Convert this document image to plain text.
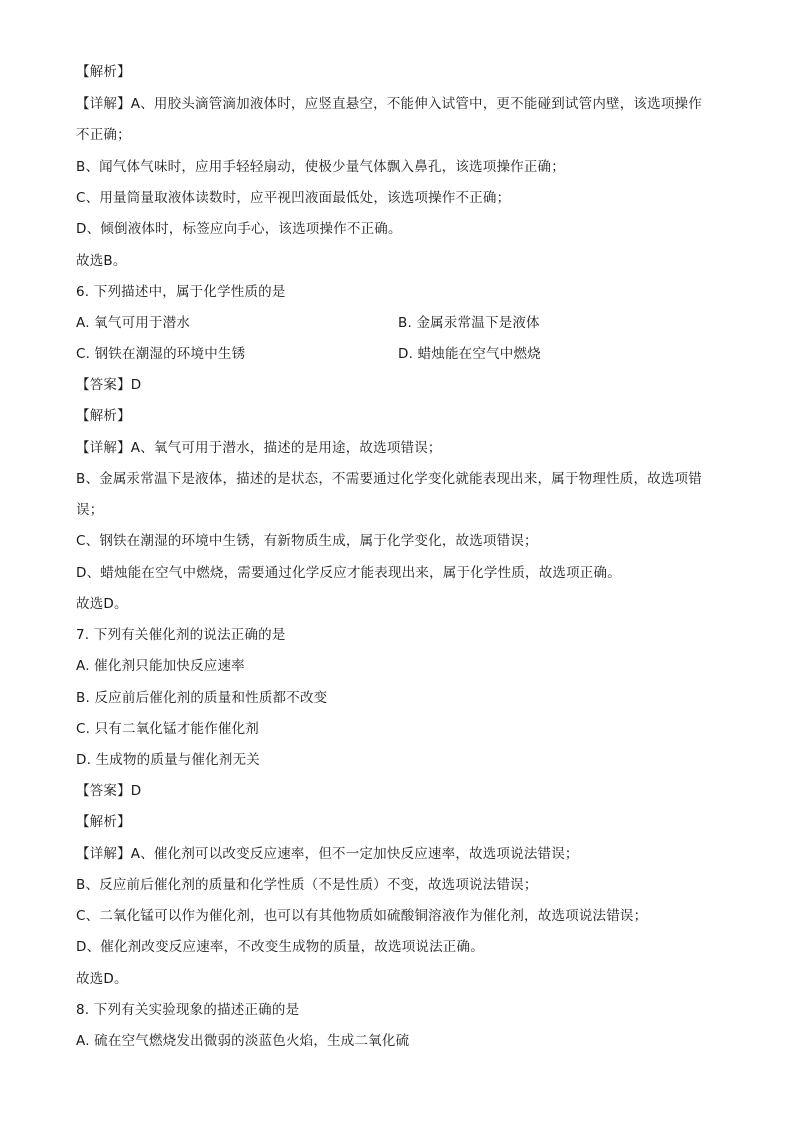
【解析】
【详解】A、用胶头滴管滴加液体时，应竖直悬空，不能伸入试管中，更不能碰到试管内壁，该选项操作
不正确；
B、闻气体气味时，应用手轻轻扇动，使极少量气体飘入鼻孔，该选项操作正确；
C、用量筒量取液体读数时，应平视凹液面最低处，该选项操作不正确；
D、倾倒液体时，标签应向手心，该选项操作不正确。
故选B。
6. 下列描述中，属于化学性质的是
A. 氧气可用于潜水	B. 金属汞常温下是液体
C. 钢铁在潮湿的环境中生锈	D. 蜡烛能在空气中燃烧
【答案】D
【解析】
【详解】A、氧气可用于潜水，描述的是用途，故选项错误；
B、金属汞常温下是液体，描述的是状态，不需要通过化学变化就能表现出来，属于物理性质，故选项错
误；
C、钢铁在潮湿的环境中生锈，有新物质生成，属于化学变化，故选项错误；
D、蜡烛能在空气中燃烧，需要通过化学反应才能表现出来，属于化学性质，故选项正确。
故选D。
7. 下列有关催化剂的说法正确的是
A. 催化剂只能加快反应速率
B. 反应前后催化剂的质量和性质都不改变
C. 只有二氧化锰才能作催化剂
D. 生成物的质量与催化剂无关
【答案】D
【解析】
【详解】A、催化剂可以改变反应速率，但不一定加快反应速率，故选项说法错误；
B、反应前后催化剂的质量和化学性质（不是性质）不变，故选项说法错误；
C、二氧化锰可以作为催化剂，也可以有其他物质如硫酸铜溶液作为催化剂，故选项说法错误；
D、催化剂改变反应速率，不改变生成物的质量，故选项说法正确。
故选D。
8. 下列有关实验现象的描述正确的是
A. 硫在空气燃烧发出微弱的淡蓝色火焰，生成二氧化硫
